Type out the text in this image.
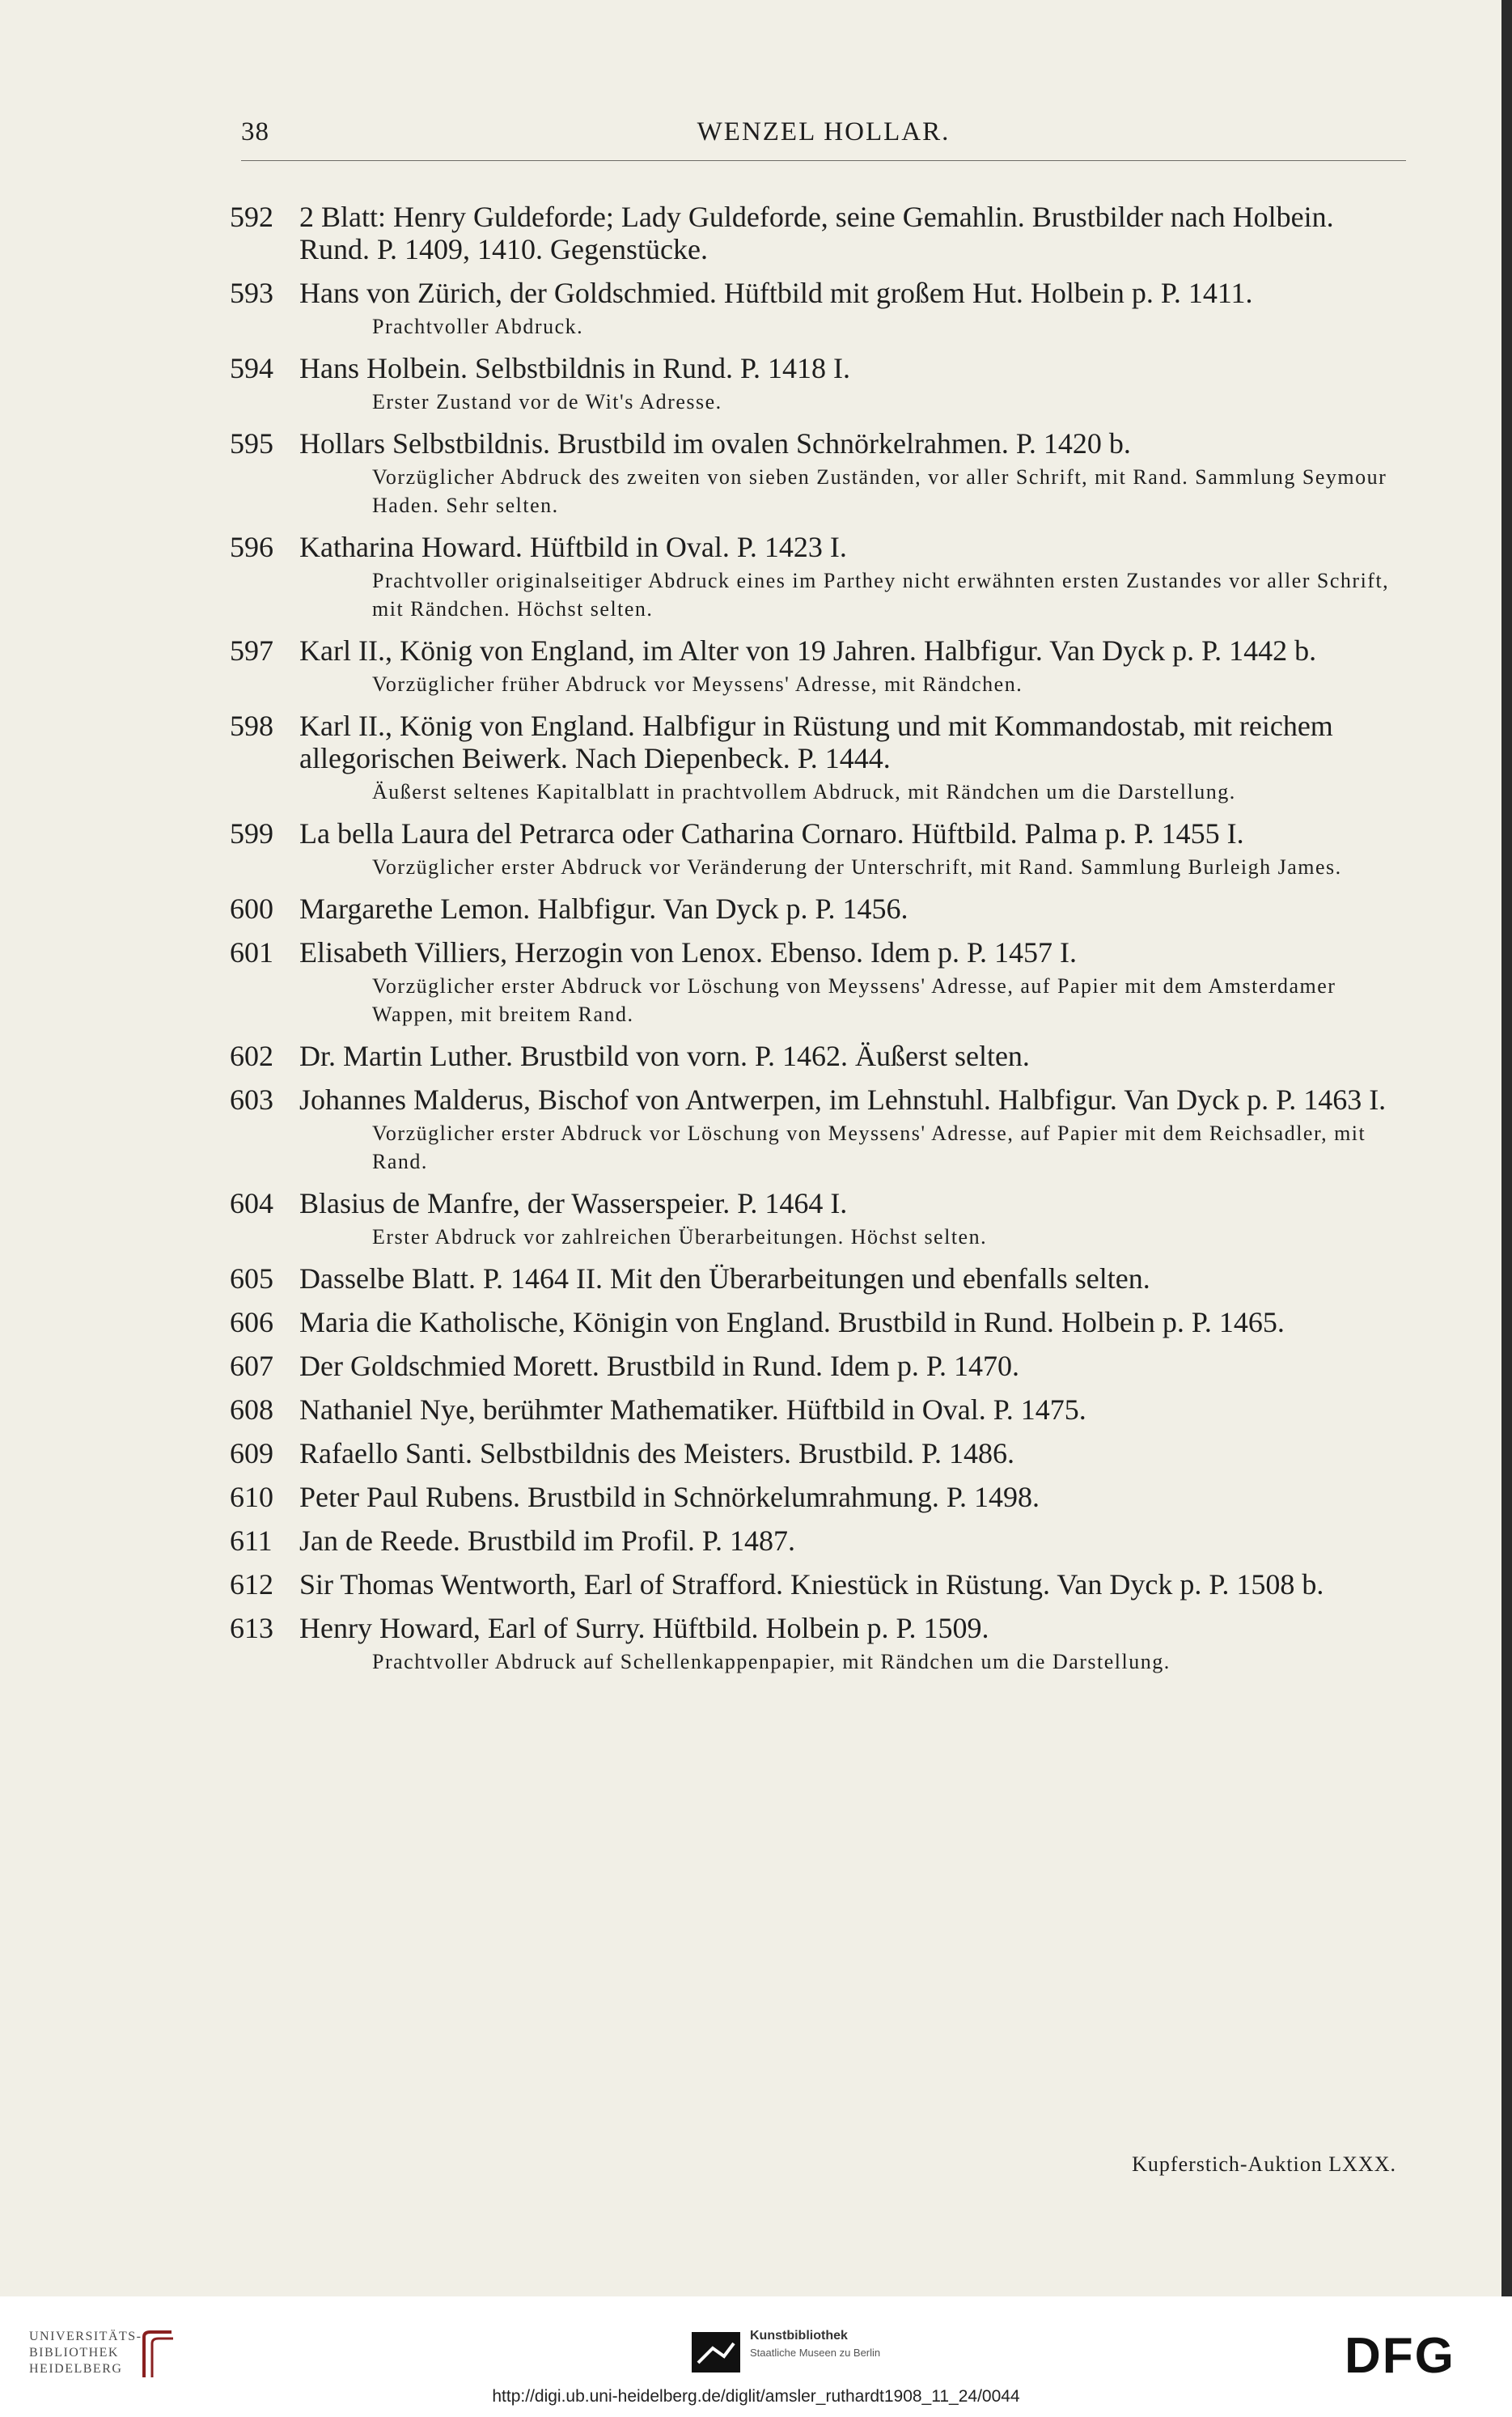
38	WENZEL HOLLAR.
592 2 Blatt: Henry Guldeforde; Lady Guldeforde, seine Gemahlin. Brustbilder nach Holbein. Rund. P. 1409, 1410. Gegenstücke.
593 Hans von Zürich, der Goldschmied. Hüftbild mit großem Hut. Holbein p. P. 1411.
Prachtvoller Abdruck.
594 Hans Holbein. Selbstbildnis in Rund. P. 1418 I.
Erster Zustand vor de Wit's Adresse.
595 Hollars Selbstbildnis. Brustbild im ovalen Schnörkelrahmen. P. 1420 b.
Vorzüglicher Abdruck des zweiten von sieben Zuständen, vor aller Schrift, mit Rand. Sammlung Seymour Haden. Sehr selten.
596 Katharina Howard. Hüftbild in Oval. P. 1423 I.
Prachtvoller originalseitiger Abdruck eines im Parthey nicht erwähnten ersten Zustandes vor aller Schrift, mit Rändchen. Höchst selten.
597 Karl II., König von England, im Alter von 19 Jahren. Halbfigur. Van Dyck p. P. 1442 b.
Vorzüglicher früher Abdruck vor Meyssens' Adresse, mit Rändchen.
598 Karl II., König von England. Halbfigur in Rüstung und mit Kommandostab, mit reichem allegorischen Beiwerk. Nach Diepenbeck. P. 1444.
Äußerst seltenes Kapitalblatt in prachtvollem Abdruck, mit Rändchen um die Darstellung.
599 La bella Laura del Petrarca oder Catharina Cornaro. Hüftbild. Palma p. P. 1455 I.
Vorzüglicher erster Abdruck vor Veränderung der Unterschrift, mit Rand. Sammlung Burleigh James.
600 Margarethe Lemon. Halbfigur. Van Dyck p. P. 1456.
601 Elisabeth Villiers, Herzogin von Lenox. Ebenso. Idem p. P. 1457 I.
Vorzüglicher erster Abdruck vor Löschung von Meyssens' Adresse, auf Papier mit dem Amsterdamer Wappen, mit breitem Rand.
602 Dr. Martin Luther. Brustbild von vorn. P. 1462. Äußerst selten.
603 Johannes Malderus, Bischof von Antwerpen, im Lehnstuhl. Halbfigur. Van Dyck p. P. 1463 I.
Vorzüglicher erster Abdruck vor Löschung von Meyssens' Adresse, auf Papier mit dem Reichsadler, mit Rand.
604 Blasius de Manfre, der Wasserspeier. P. 1464 I.
Erster Abdruck vor zahlreichen Überarbeitungen. Höchst selten.
605 Dasselbe Blatt. P. 1464 II. Mit den Überarbeitungen und ebenfalls selten.
606 Maria die Katholische, Königin von England. Brustbild in Rund. Holbein p. P. 1465.
607 Der Goldschmied Morett. Brustbild in Rund. Idem p. P. 1470.
608 Nathaniel Nye, berühmter Mathematiker. Hüftbild in Oval. P. 1475.
609 Rafaello Santi. Selbstbildnis des Meisters. Brustbild. P. 1486.
610 Peter Paul Rubens. Brustbild in Schnörkelumrahmung. P. 1498.
611 Jan de Reede. Brustbild im Profil. P. 1487.
612 Sir Thomas Wentworth, Earl of Strafford. Kniestück in Rüstung. Van Dyck p. P. 1508 b.
613 Henry Howard, Earl of Surry. Hüftbild. Holbein p. P. 1509.
Prachtvoller Abdruck auf Schellenkappenpapier, mit Rändchen um die Darstellung.
Kupferstich-Auktion LXXX.
UNIVERSITÄTS-
BIBLIOTHEK
HEIDELBERG
Kunstbibliothek
Staatliche Museen zu Berlin	DFG
http://digi.ub.uni-heidelberg.de/diglit/amsler_ruthardt1908_11_24/0044
